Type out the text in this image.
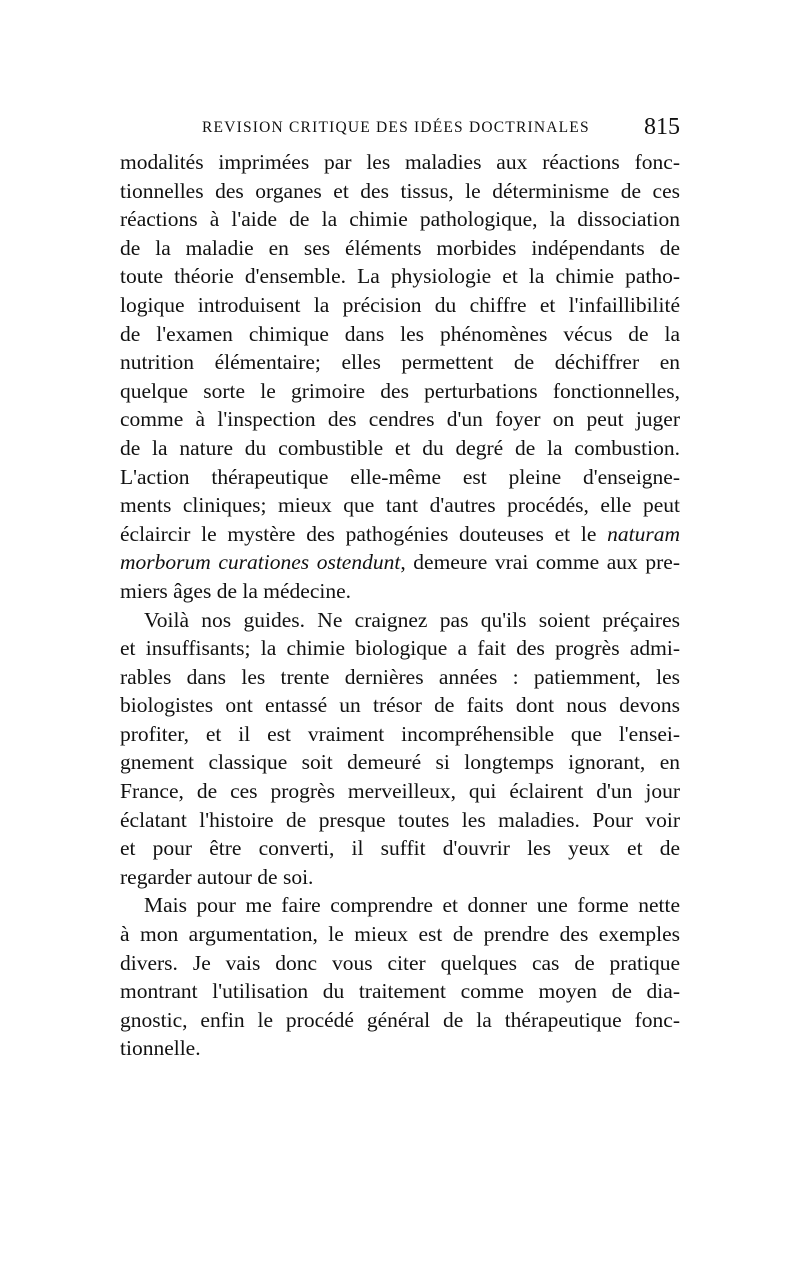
REVISION CRITIQUE DES IDÉES DOCTRINALES 815
modalités imprimées par les maladies aux réactions fonc-
tionnelles des organes et des tissus, le déterminisme de ces
réactions à l'aide de la chimie pathologique, la dissociation
de la maladie en ses éléments morbides indépendants de
toute théorie d'ensemble. La physiologie et la chimie patho-
logique introduisent la précision du chiffre et l'infaillibilité
de l'examen chimique dans les phénomènes vécus de la
nutrition élémentaire; elles permettent de déchiffrer en
quelque sorte le grimoire des perturbations fonctionnelles,
comme à l'inspection des cendres d'un foyer on peut juger
de la nature du combustible et du degré de la combustion.
L'action thérapeutique elle-même est pleine d'enseigne-
ments cliniques; mieux que tant d'autres procédés, elle peut
éclaircir le mystère des pathogénies douteuses et le naturam
morborum curationes ostendunt, demeure vrai comme aux pre-
miers âges de la médecine.
Voilà nos guides. Ne craignez pas qu'ils soient préçaires
et insuffisants; la chimie biologique a fait des progrès admi-
rables dans les trente dernières années : patiemment, les
biologistes ont entassé un trésor de faits dont nous devons
profiter, et il est vraiment incompréhensible que l'ensei-
gnement classique soit demeuré si longtemps ignorant, en
France, de ces progrès merveilleux, qui éclairent d'un jour
éclatant l'histoire de presque toutes les maladies. Pour voir
et pour être converti, il suffit d'ouvrir les yeux et de
regarder autour de soi.
Mais pour me faire comprendre et donner une forme nette
à mon argumentation, le mieux est de prendre des exemples
divers. Je vais donc vous citer quelques cas de pratique
montrant l'utilisation du traitement comme moyen de dia-
gnostic, enfin le procédé général de la thérapeutique fonc-
tionnelle.
